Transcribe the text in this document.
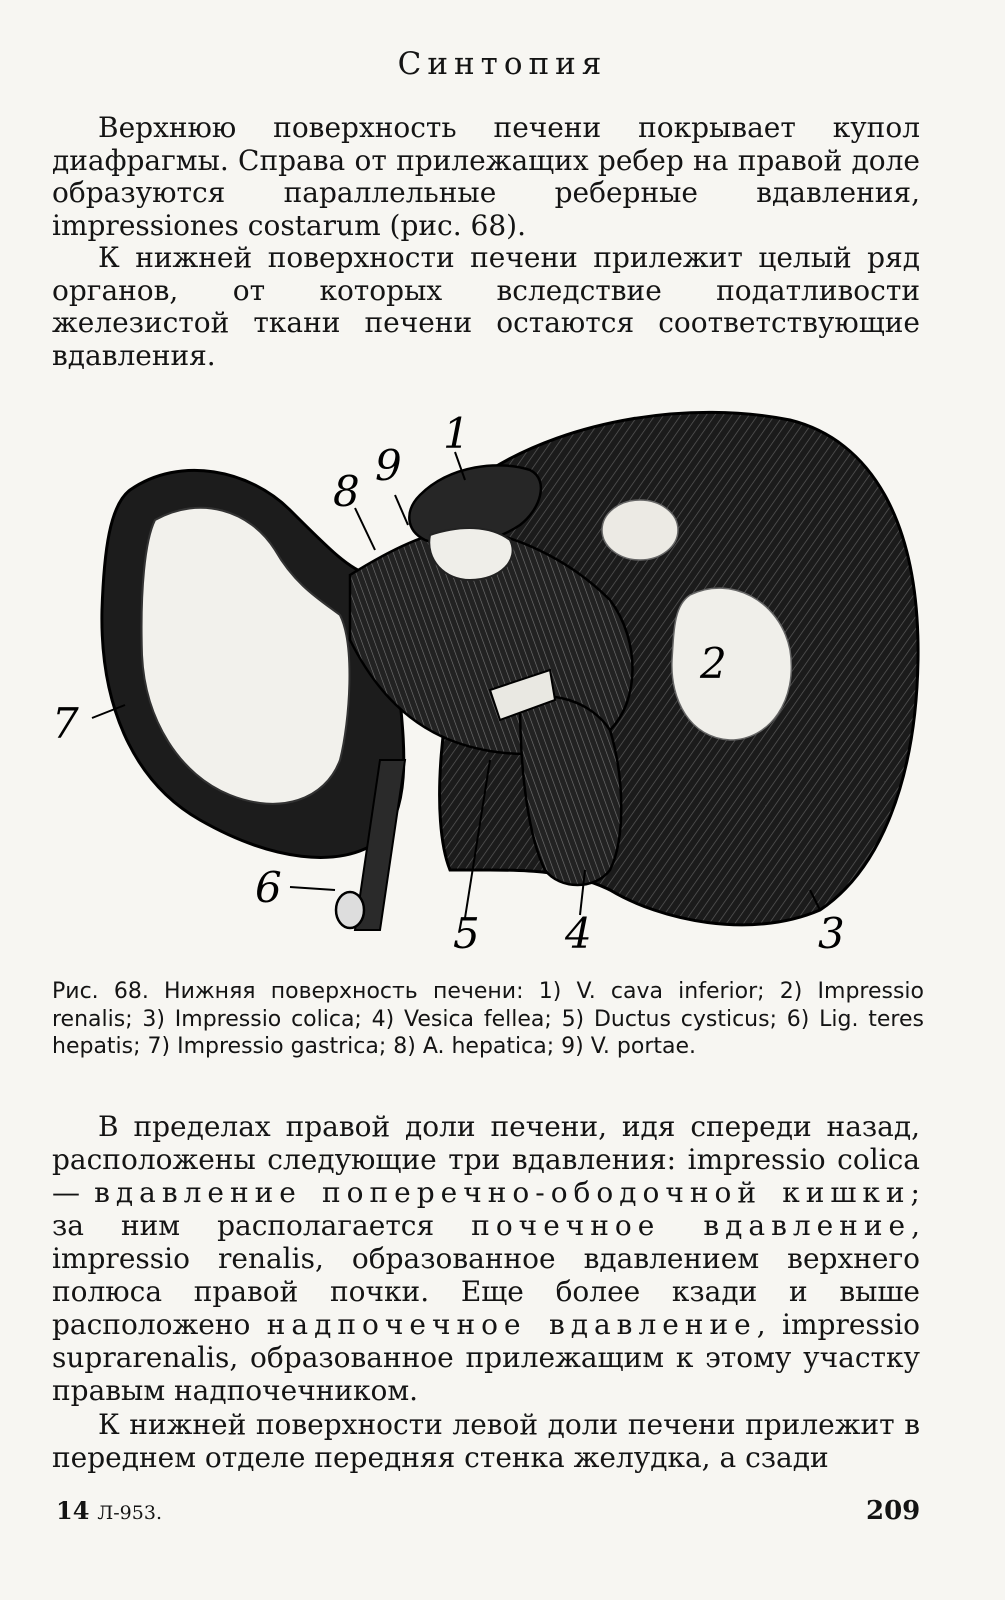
Синтопия
Верхнюю поверхность печени покрывает купол диафрагмы. Справа от прилежащих ребер на правой доле образуются параллельные реберные вдавления, impressiones costarum (рис. 68).
К нижней поверхности печени прилежит целый ряд органов, от которых вследствие податливости железистой ткани печени остаются соответствующие вдавления.
1
2
3
4
5
6
7
8
9
Рис. 68. Нижняя поверхность печени: 1) V. cava inferior; 2) Impressio renalis; 3) Impressio colica; 4) Vesica fellea; 5) Ductus cysticus; 6) Lig. teres hepatis; 7) Impressio gastrica; 8) A. hepatica; 9) V. portae.
В пределах правой доли печени, идя спереди назад, расположены следующие три вдавления: impressio colica — вдавление поперечно-ободочной кишки; за ним располагается почечное вдавление, impressio renalis, образованное вдавлением верхнего полюса правой почки. Еще более кзади и выше расположено надпочечное вдавление, impressio suprarenalis, образованное прилежащим к этому участку правым надпочечником.
К нижней поверхности левой доли печени прилежит в переднем отделе передняя стенка желудка, а сзади
14 Л-953.	209
